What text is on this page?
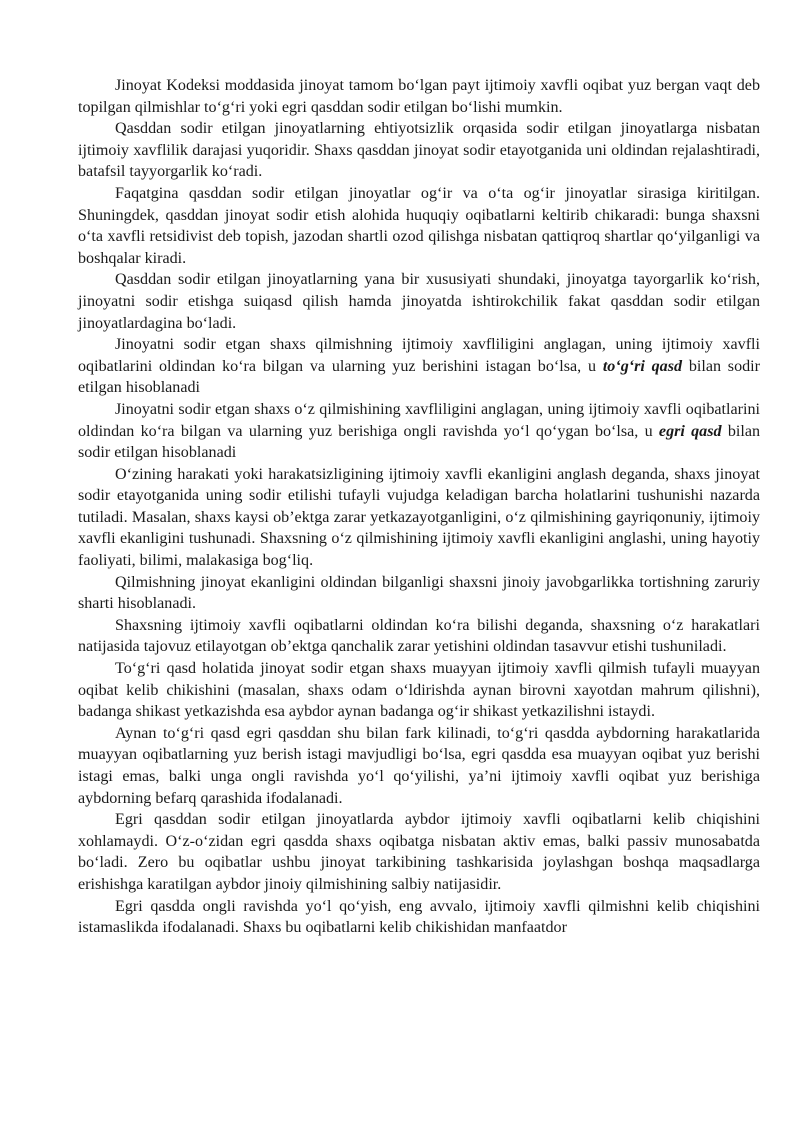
Jinoyat Kodeksi moddasida jinoyat tamom bo‘lgan payt ijtimoiy xavfli oqibat yuz bergan vaqt deb topilgan qilmishlar to‘g‘ri yoki egri qasddan sodir etilgan bo‘lishi mumkin.

Qasddan sodir etilgan jinoyatlarning ehtiyotsizlik orqasida sodir etilgan jinoyatlarga nisbatan ijtimoiy xavflilik darajasi yuqoridir. Shaxs qasddan jinoyat sodir etayotganida uni oldindan rejalashtiradi, batafsil tayyorgarlik ko‘radi.

Faqatgina qasddan sodir etilgan jinoyatlar og‘ir va o‘ta og‘ir jinoyatlar sirasiga kiritilgan. Shuningdek, qasddan jinoyat sodir etish alohida huquqiy oqibatlarni keltirib chikaradi: bunga shaxsni o‘ta xavfli retsidivist deb topish, jazodan shartli ozod qilishga nisbatan qattiqroq shartlar qo‘yilganligi va boshqalar kiradi.

Qasddan sodir etilgan jinoyatlarning yana bir xususiyati shundaki, jinoyatga tayorgarlik ko‘rish, jinoyatni sodir etishga suiqasd qilish hamda jinoyatda ishtirokchilik fakat qasddan sodir etilgan jinoyatlardagina bo‘ladi.

Jinoyatni sodir etgan shaxs qilmishning ijtimoiy xavfliligini anglagan, uning ijtimoiy xavfli oqibatlarini oldindan ko‘ra bilgan va ularning yuz berishini istagan bo‘lsa, u to‘g‘ri qasd bilan sodir etilgan hisoblanadi

Jinoyatni sodir etgan shaxs o‘z qilmishining xavfliligini anglagan, uning ijtimoiy xavfli oqibatlarini oldindan ko‘ra bilgan va ularning yuz berishiga ongli ravishda yo‘l qo‘ygan bo‘lsa, u egri qasd bilan sodir etilgan hisoblanadi

O‘zining harakati yoki harakatsizligining ijtimoiy xavfli ekanligini anglash deganda, shaxs jinoyat sodir etayotganida uning sodir etilishi tufayli vujudga keladigan barcha holatlarini tushunishi nazarda tutiladi. Masalan, shaxs kaysi ob’ektga zarar yetkazayotganligini, o‘z qilmishining gayriqonuniy, ijtimoiy xavfli ekanligini tushunadi. Shaxsning o‘z qilmishining ijtimoiy xavfli ekanligini anglashi, uning hayotiy faoliyati, bilimi, malakasiga bog‘liq.

Qilmishning jinoyat ekanligini oldindan bilganligi shaxsni jinoiy javobgarlikka tortishning zaruriy sharti hisoblanadi.

Shaxsning ijtimoiy xavfli oqibatlarni oldindan ko‘ra bilishi deganda, shaxsning o‘z harakatlari natijasida tajovuz etilayotgan ob’ektga qanchalik zarar yetishini oldindan tasavvur etishi tushuniladi.

To‘g‘ri qasd holatida jinoyat sodir etgan shaxs muayyan ijtimoiy xavfli qilmish tufayli muayyan oqibat kelib chikishini (masalan, shaxs odam o‘ldirishda aynan birovni xayotdan mahrum qilishni), badanga shikast yetkazishda esa aybdor aynan badanga og‘ir shikast yetkazilishni istaydi.

Aynan to‘g‘ri qasd egri qasddan shu bilan fark kilinadi, to‘g‘ri qasdda aybdorning harakatlarida muayyan oqibatlarning yuz berish istagi mavjudligi bo‘lsa, egri qasdda esa muayyan oqibat yuz berishi istagi emas, balki unga ongli ravishda yo‘l qo‘yilishi, ya’ni ijtimoiy xavfli oqibat yuz berishiga aybdorning befarq qarashida ifodalanadi.

Egri qasddan sodir etilgan jinoyatlarda aybdor ijtimoiy xavfli oqibatlarni kelib chiqishini xohlamaydi. O‘z-o‘zidan egri qasdda shaxs oqibatga nisbatan aktiv emas, balki passiv munosabatda bo‘ladi. Zero bu oqibatlar ushbu jinoyat tarkibining tashkarisida joylashgan boshqa maqsadlarga erishishga karatilgan aybdor jinoiy qilmishining salbiy natijasidir.

Egri qasdda ongli ravishda yo‘l qo‘yish, eng avvalo, ijtimoiy xavfli qilmishni kelib chiqishini istamaslikda ifodalanadi. Shaxs bu oqibatlarni kelib chikishidan manfaatdor
